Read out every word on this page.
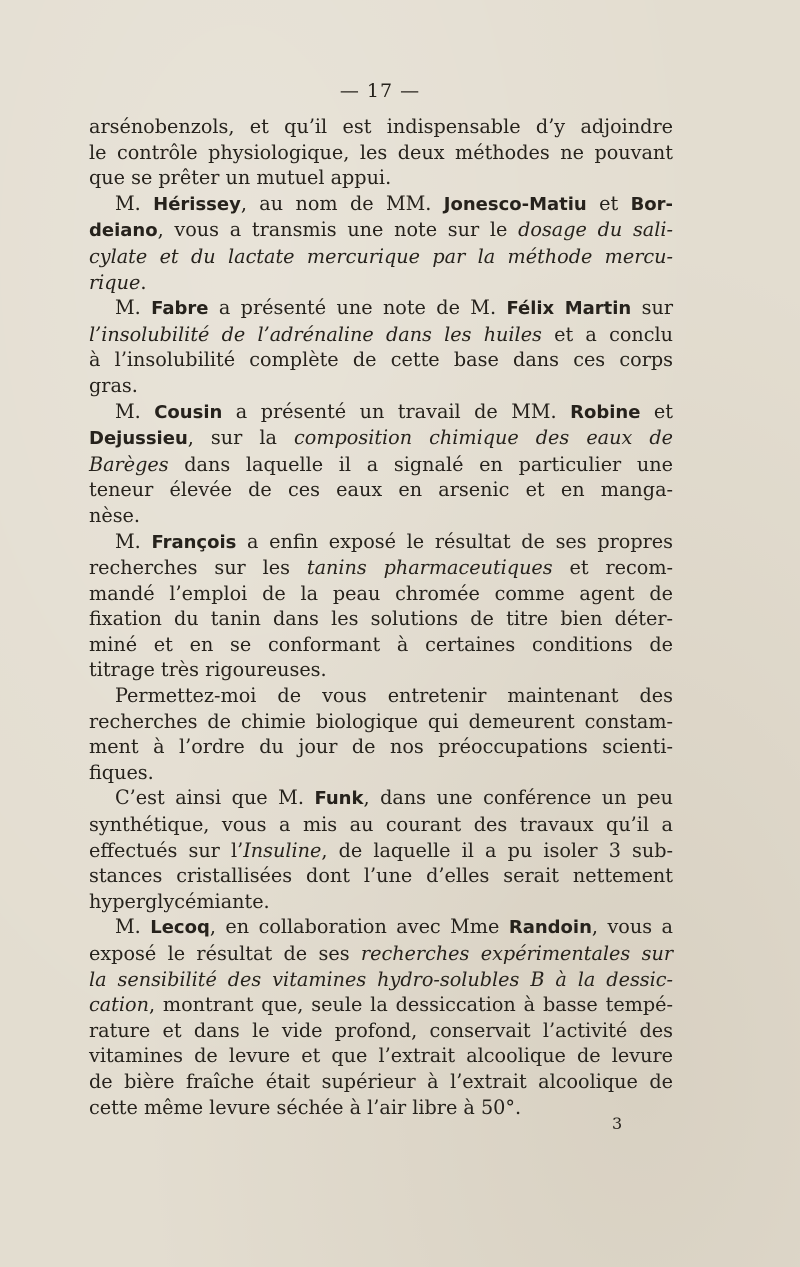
— 17 —
arsénobenzols, et qu’il est indispensable d’y adjoindre
le contrôle physiologique, les deux méthodes ne pouvant
que se prêter un mutuel appui.
M. Hérissey, au nom de MM. Jonesco-Matiu et Bor-
deiano, vous a transmis une note sur le dosage du sali-
cylate et du lactate mercurique par la méthode mercu-
rique.
M. Fabre a présenté une note de M. Félix Martin sur
l’insolubilité de l’adrénaline dans les huiles et a conclu
à l’insolubilité complète de cette base dans ces corps
gras.
M. Cousin a présenté un travail de MM. Robine et
Dejussieu, sur la composition chimique des eaux de
Barèges dans laquelle il a signalé en particulier une
teneur élevée de ces eaux en arsenic et en manga-
nèse.
M. François a enfin exposé le résultat de ses propres
recherches sur les tanins pharmaceutiques et recom-
mandé l’emploi de la peau chromée comme agent de
fixation du tanin dans les solutions de titre bien déter-
miné et en se conformant à certaines conditions de
titrage très rigoureuses.
Permettez-moi de vous entretenir maintenant des
recherches de chimie biologique qui demeurent constam-
ment à l’ordre du jour de nos préoccupations scienti-
fiques.
C’est ainsi que M. Funk, dans une conférence un peu
synthétique, vous a mis au courant des travaux qu’il a
effectués sur l’Insuline, de laquelle il a pu isoler 3 sub-
stances cristallisées dont l’une d’elles serait nettement
hyperglycémiante.
M. Lecoq, en collaboration avec Mme Randoin, vous a
exposé le résultat de ses recherches expérimentales sur
la sensibilité des vitamines hydro-solubles B à la dessic-
cation, montrant que, seule la dessiccation à basse tempé-
rature et dans le vide profond, conservait l’activité des
vitamines de levure et que l’extrait alcoolique de levure
de bière fraîche était supérieur à l’extrait alcoolique de
cette même levure séchée à l’air libre à 50°.
3
